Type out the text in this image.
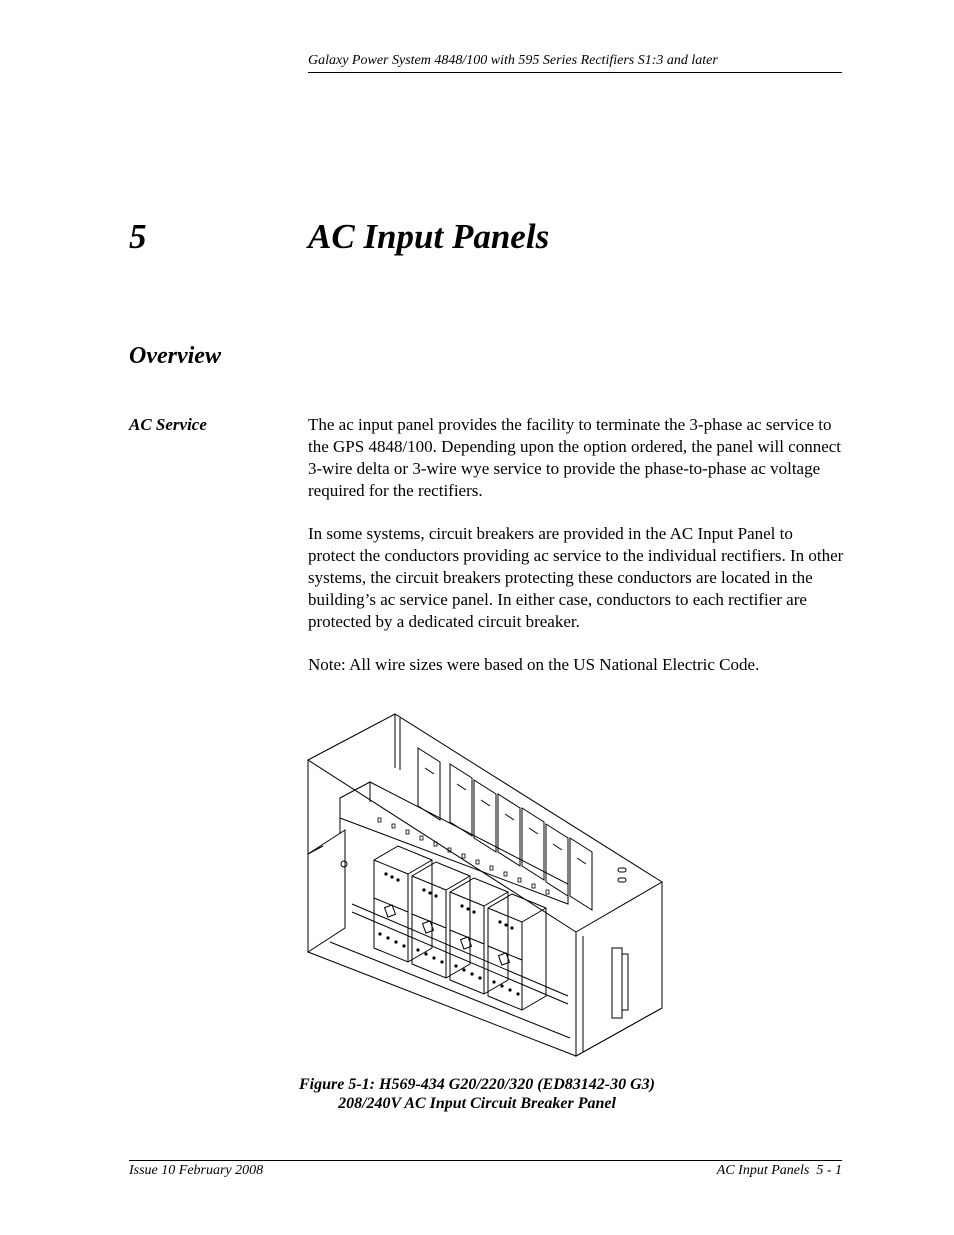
Galaxy Power System 4848/100 with 595 Series Rectifiers S1:3 and later
5	AC Input Panels
Overview
AC Service	The ac input panel provides the facility to terminate the 3-phase ac service to the GPS 4848/100. Depending upon the option ordered, the panel will connect 3-wire delta or 3-wire wye service to provide the phase-to-phase ac voltage required for the rectifiers.

In some systems, circuit breakers are provided in the AC Input Panel to protect the conductors providing ac service to the individual rectifiers. In other systems, the circuit breakers protecting these conductors are located in the building’s ac service panel. In either case, conductors to each rectifier are protected by a dedicated circuit breaker.

Note: All wire sizes were based on the US National Electric Code.

Figure 5-1: H569-434 G20/220/320 (ED83142-30 G3)
208/240V AC Input Circuit Breaker Panel
Issue 10 February 2008	AC Input Panels  5 - 1
